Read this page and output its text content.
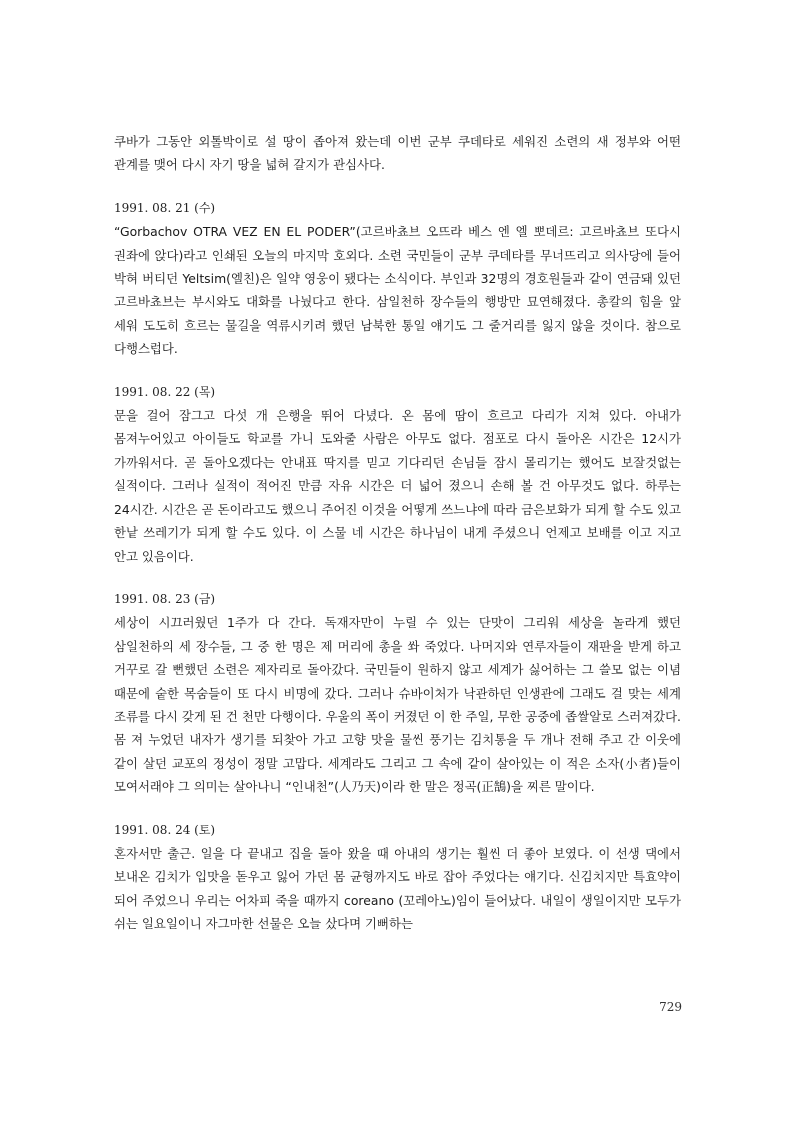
쿠바가 그동안 외톨박이로 설 땅이 좁아져 왔는데 이번 군부 쿠데타로 세워진 소련의 새 정부와 어떤 관계를 맺어 다시 자기 땅을 넓혀 갈지가 관심사다.

1991. 08. 21 (수)

“Gorbachov OTRA VEZ EN EL PODER”(고르바쵸브 오뜨라 베스 엔 엘 뽀데르: 고르바쵸브 또다시 권좌에 앉다)라고 인쇄된 오늘의 마지막 호외다. 소련 국민들이 군부 쿠데타를 무너뜨리고 의사당에 들어 박혀 버티던 Yeltsim(엘친)은 일약 영웅이 됐다는 소식이다. 부인과 32명의 경호원들과 같이 연금돼 있던 고르바쵸브는 부시와도 대화를 나눴다고 한다. 삼일천하 장수들의 행방만 묘연해졌다. 총칼의 힘을 앞 세워 도도히 흐르는 물길을 역류시키려 했던 남북한 통일 얘기도 그 줄거리를 잃지 않을 것이다. 참으로 다행스럽다.

1991. 08. 22 (목)

문을 걸어 잠그고 다섯 개 은행을 뛰어 다녔다. 온 몸에 땀이 흐르고 다리가 지쳐 있다. 아내가 몸져누어있고 아이들도 학교를 가니 도와줄 사람은 아무도 없다. 점포로 다시 돌아온 시간은 12시가 가까워서다. 곧 돌아오겠다는 안내표 딱지를 믿고 기다리던 손님들 잠시 몰리기는 했어도 보잘것없는 실적이다. 그러나 실적이 적어진 만큼 자유 시간은 더 넓어 졌으니 손해 볼 건 아무것도 없다. 하루는 24시간. 시간은 곧 돈이라고도 했으니 주어진 이것을 어떻게 쓰느냐에 따라 금은보화가 되게 할 수도 있고 한낱 쓰레기가 되게 할 수도 있다. 이 스물 네 시간은 하나님이 내게 주셨으니 언제고 보배를 이고 지고 안고 있음이다.

1991. 08. 23 (금)

세상이 시끄러웠던 1주가 다 간다. 독재자만이 누릴 수 있는 단맛이 그리워 세상을 놀라게 했던 삼일천하의 세 장수들, 그 중 한 명은 제 머리에 총을 쏴 죽었다. 나머지와 연루자들이 재판을 받게 하고 거꾸로 갈 뻔했던 소련은 제자리로 돌아갔다. 국민들이 원하지 않고 세계가 싫어하는 그 쓸모 없는 이념 때문에 숱한 목숨들이 또 다시 비명에 갔다. 그러나 슈바이처가 낙관하던 인생관에 그래도 걸 맞는 세계 조류를 다시 갖게 된 건 천만 다행이다. 우울의 폭이 커졌던 이 한 주일, 무한 공중에 좁쌀알로 스러져갔다. 몸 져 누었던 내자가 생기를 되찾아 가고 고향 맛을 물씬 풍기는 김치통을 두 개나 전해 주고 간 이웃에 같이 살던 교포의 정성이 정말 고맙다. 세계라도 그리고 그 속에 같이 살아있는 이 적은 소자(小者)들이 모여서래야 그 의미는 살아나니 “인내천”(人乃天)이라 한 말은 정곡(正鵠)을 찌른 말이다.

1991. 08. 24 (토)

혼자서만 출근. 일을 다 끝내고 집을 돌아 왔을 때 아내의 생기는 훨씬 더 좋아 보였다. 이 선생 댁에서 보내온 김치가 입맛을 돋우고 잃어 가던 몸 균형까지도 바로 잡아 주었다는 얘기다. 신김치지만 특효약이 되어 주었으니 우리는 어차피 죽을 때까지 coreano (꼬레아노)임이 들어났다. 내일이 생일이지만 모두가 쉬는 일요일이니 자그마한 선물은 오늘 샀다며 기뻐하는

729
